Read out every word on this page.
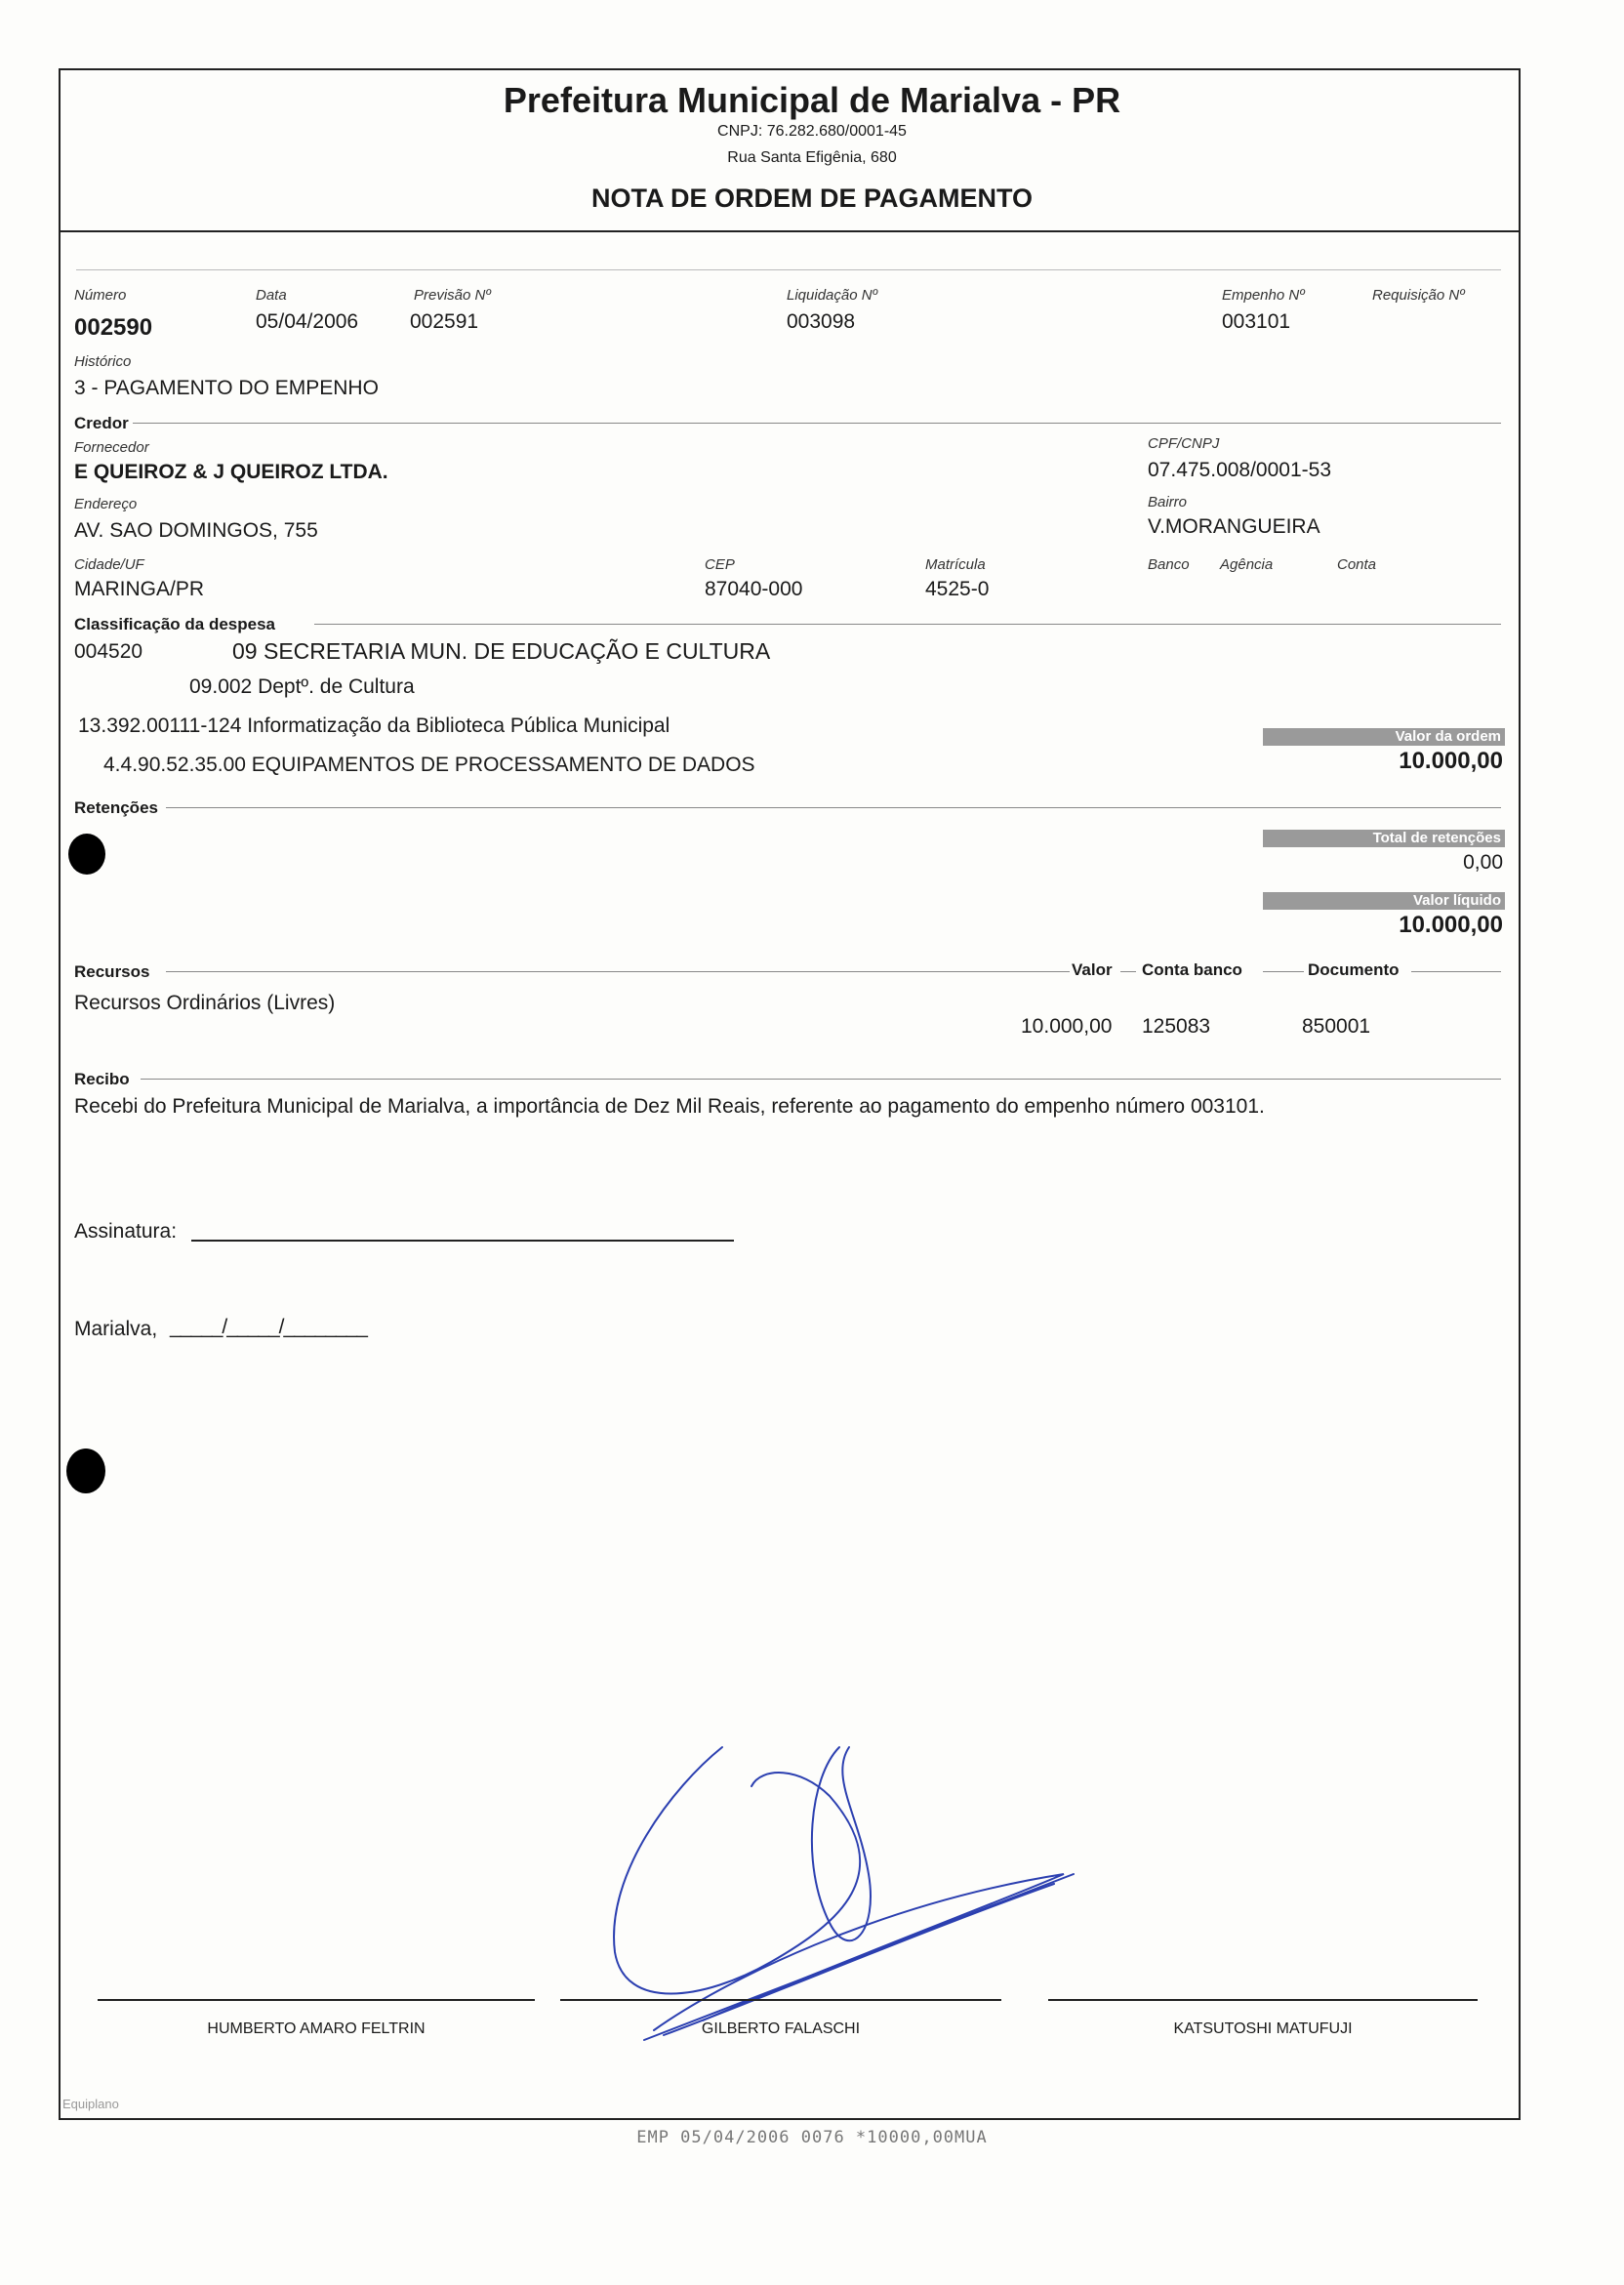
Prefeitura Municipal de Marialva - PR
CNPJ: 76.282.680/0001-45
Rua Santa Efigênia, 680
NOTA DE ORDEM DE PAGAMENTO
Número
002590
Data
05/04/2006
Previsão Nº
002591
Liquidação Nº
003098
Empenho Nº
003101
Requisição Nº
Histórico
3 - PAGAMENTO DO EMPENHO
Credor
Fornecedor
E QUEIROZ & J QUEIROZ LTDA.
CPF/CNPJ
07.475.008/0001-53
Endereço
AV. SAO DOMINGOS, 755
Bairro
V.MORANGUEIRA
Cidade/UF
MARINGA/PR
CEP
87040-000
Matrícula
4525-0
Banco Agência	Conta
Classificação da despesa
004520	09 SECRETARIA MUN. DE EDUCAÇÃO E CULTURA
09.002 Deptº. de Cultura
13.392.00111-124 Informatização da Biblioteca Pública Municipal
4.4.90.52.35.00 EQUIPAMENTOS DE PROCESSAMENTO DE DADOS
Valor da ordem
10.000,00
Retenções
Total de retenções
0,00
Valor líquido
10.000,00
Recursos	Valor Conta banco	Documento
Recursos Ordinários (Livres)
10.000,00 125083	850001
Recibo
Recebi do Prefeitura Municipal de Marialva, a importância de Dez Mil Reais, referente ao pagamento do empenho número 003101.
Assinatura:
Marialva, _____/_____/________
HUMBERTO AMARO FELTRIN	GILBERTO FALASCHI	KATSUTOSHI MATUFUJI
Equiplano
EMP 05/04/2006 0076 *10000,00MUA
